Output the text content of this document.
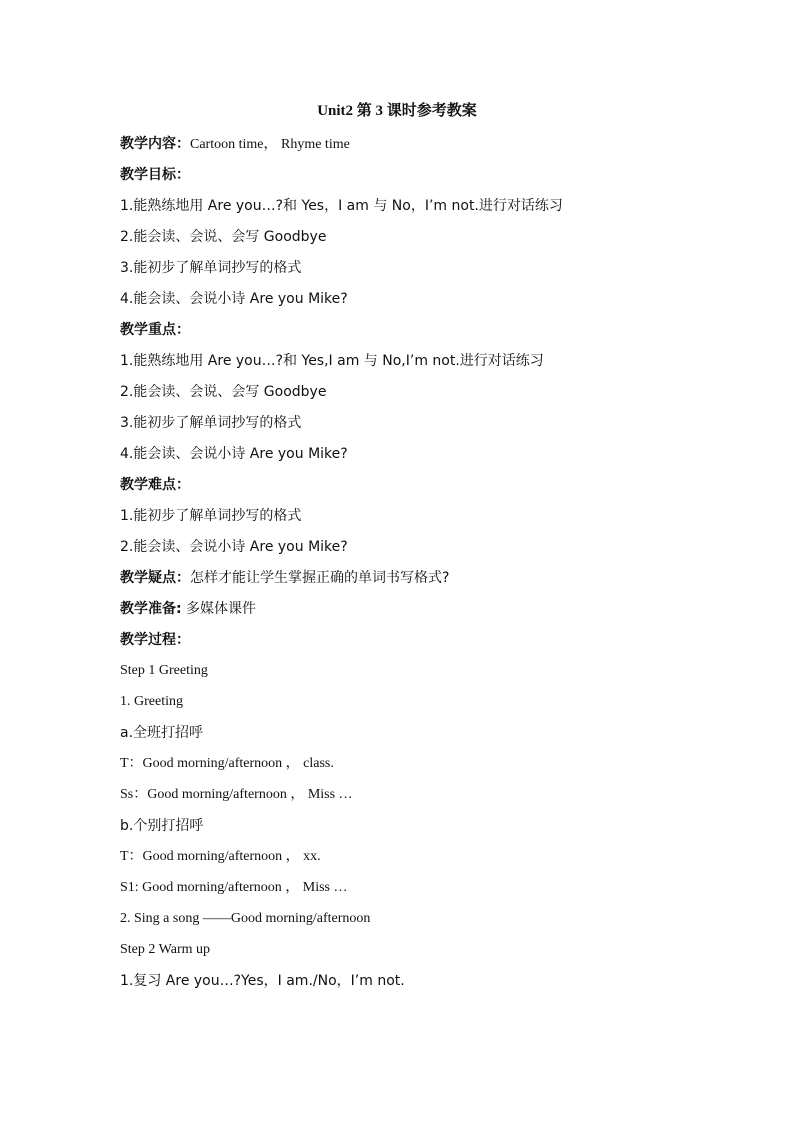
Unit2 第 3 课时参考教案
教学内容：Cartoon time， Rhyme time
教学目标：
1.能熟练地用 Are you…?和 Yes，I am 与 No，I’m not.进行对话练习
2.能会读、会说、会写 Goodbye
3.能初步了解单词抄写的格式
4.能会读、会说小诗 Are you Mike?
教学重点：
1.能熟练地用 Are you…?和 Yes,I am 与 No,I’m not.进行对话练习
2.能会读、会说、会写 Goodbye
3.能初步了解单词抄写的格式
4.能会读、会说小诗 Are you Mike?
教学难点：
1.能初步了解单词抄写的格式
2.能会读、会说小诗 Are you Mike?
教学疑点：怎样才能让学生掌握正确的单词书写格式?
教学准备: 多媒体课件
教学过程：
Step 1 Greeting
1. Greeting
a.全班打招呼
T：Good morning/afternoon ， class.
Ss：Good morning/afternoon ， Miss …
b.个别打招呼
T：Good morning/afternoon ， xx.
S1: Good morning/afternoon ， Miss …
2. Sing a song ——Good morning/afternoon
Step 2 Warm up
1.复习 Are you…?Yes，I am./No，I’m not.
